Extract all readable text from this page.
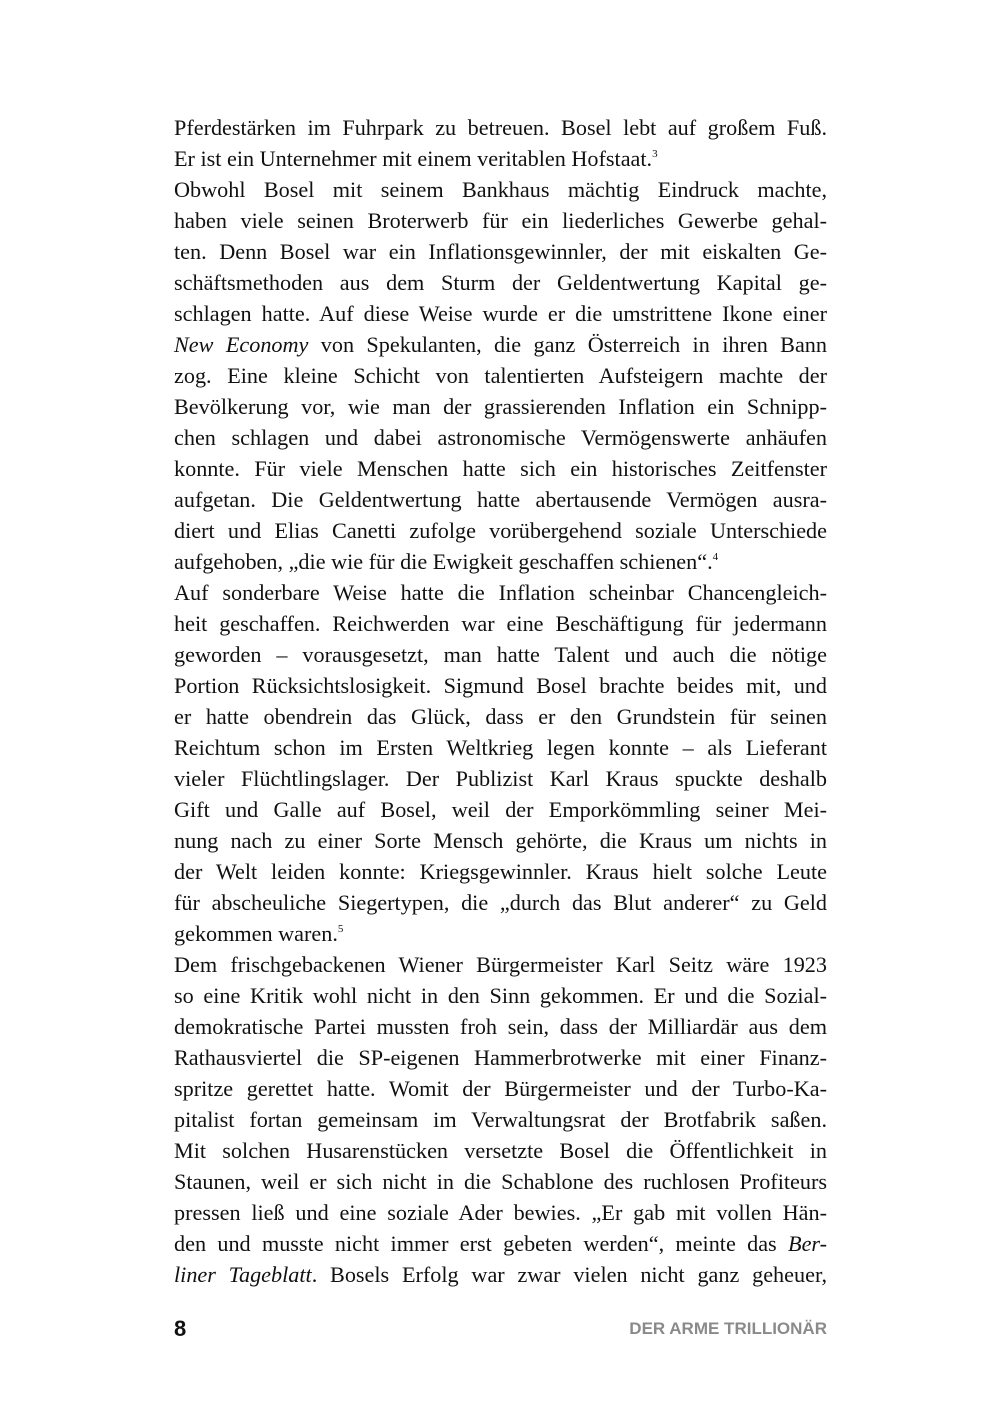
Pferdestärken im Fuhrpark zu betreuen. Bosel lebt auf großem Fuß.
Er ist ein Unternehmer mit einem veritablen Hofstaat.$^3$
Obwohl Bosel mit seinem Bankhaus mächtig Eindruck machte,
haben viele seinen Broterwerb für ein liederliches Gewerbe gehal-
ten. Denn Bosel war ein Inflationsgewinnler, der mit eiskalten Ge-
schäftsmethoden aus dem Sturm der Geldentwertung Kapital ge-
schlagen hatte. Auf diese Weise wurde er die umstrittene Ikone einer
New Economy von Spekulanten, die ganz Österreich in ihren Bann
zog. Eine kleine Schicht von talentierten Aufsteigern machte der
Bevölkerung vor, wie man der grassierenden Inflation ein Schnipp-
chen schlagen und dabei astronomische Vermögenswerte anhäufen
konnte. Für viele Menschen hatte sich ein historisches Zeitfenster
aufgetan. Die Geldentwertung hatte abertausende Vermögen ausra-
diert und Elias Canetti zufolge vorübergehend soziale Unterschiede
aufgehoben, „die wie für die Ewigkeit geschaffen schienen“.$^4$
Auf sonderbare Weise hatte die Inflation scheinbar Chancengleich-
heit geschaffen. Reichwerden war eine Beschäftigung für jedermann
geworden – vorausgesetzt, man hatte Talent und auch die nötige
Portion Rücksichtslosigkeit. Sigmund Bosel brachte beides mit, und
er hatte obendrein das Glück, dass er den Grundstein für seinen
Reichtum schon im Ersten Weltkrieg legen konnte – als Lieferant
vieler Flüchtlingslager. Der Publizist Karl Kraus spuckte deshalb
Gift und Galle auf Bosel, weil der Emporkömmling seiner Mei-
nung nach zu einer Sorte Mensch gehörte, die Kraus um nichts in
der Welt leiden konnte: Kriegsgewinnler. Kraus hielt solche Leute
für abscheuliche Siegertypen, die „durch das Blut anderer“ zu Geld
gekommen waren.$^5$
Dem frischgebackenen Wiener Bürgermeister Karl Seitz wäre 1923
so eine Kritik wohl nicht in den Sinn gekommen. Er und die Sozial-
demokratische Partei mussten froh sein, dass der Milliardär aus dem
Rathausviertel die SP-eigenen Hammerbrotwerke mit einer Finanz-
spritze gerettet hatte. Womit der Bürgermeister und der Turbo-Ka-
pitalist fortan gemeinsam im Verwaltungsrat der Brotfabrik saßen.
Mit solchen Husarenstücken versetzte Bosel die Öffentlichkeit in
Staunen, weil er sich nicht in die Schablone des ruchlosen Profiteurs
pressen ließ und eine soziale Ader bewies. „Er gab mit vollen Hän-
den und musste nicht immer erst gebeten werden“, meinte das Ber-
liner Tageblatt. Bosels Erfolg war zwar vielen nicht ganz geheuer,
8	DER ARME TRILLIONÄR
